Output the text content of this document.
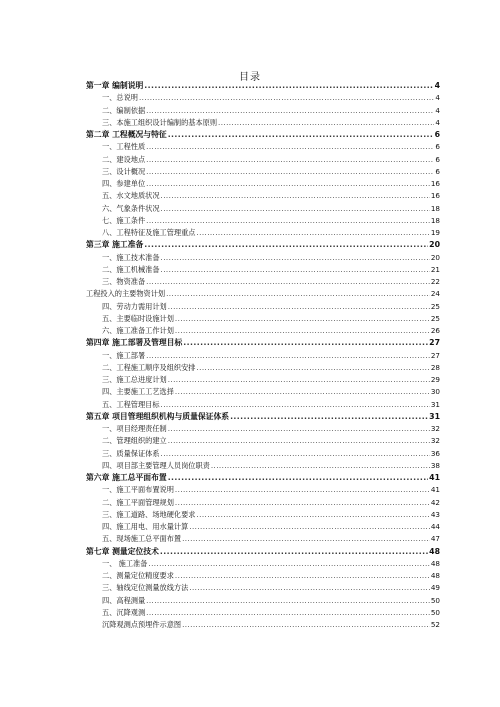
目录
第一章 编制说明 .....	4
一、总说明 .....	4
二、编制依据 .....	4
三、本施工组织设计编制的基本原则 .....	4
第二章 工程概况与特征 .....	6
一、工程性质 .....	6
二、建设地点 .....	6
三、设计概况 .....	6
四、参建单位 .....	16
五、水文地质状况 .....	16
六、气象条件状况 .....	18
七、施工条件 .....	18
八、工程特征及施工管理重点 .....	19
第三章 施工准备 .....	20
一、施工技术准备 .....	20
二、施工机械准备 .....	21
三、物资准备 .....	22
工程投入的主要物资计划 .....	24
四、劳动力需用计划 .....	25
五、主要临时设施计划 .....	25
六、施工准备工作计划 .....	26
第四章 施工部署及管理目标 .....	27
一、施工部署 .....	27
二、工程施工顺序及组织安排 .....	28
三、施工总进度计划 .....	29
四、主要施工工艺选择 .....	30
五、工程管理目标 .....	31
第五章 项目管理组织机构与质量保证体系 .....	31
一、项目经理责任制 .....	32
二、管理组织的建立 .....	32
三、质量保证体系 .....	36
四、项目部主要管理人员岗位职责 .....	38
第六章 施工总平面布置 .....	41
一、施工平面布置说明 .....	41
二、施工平面管理规划 .....	42
三、施工道路、场地硬化要求 .....	43
四、施工用电、用水量计算 .....	44
五、现场施工总平面布置 .....	47
第七章 测量定位技术 .....	48
一、 施工准备 .....	48
二、测量定位精度要求 .....	48
三、轴线定位测量放线方法 .....	49
四、高程测量 .....	50
五、沉降观测 .....	50
沉降观测点预埋件示意图 .....	52
